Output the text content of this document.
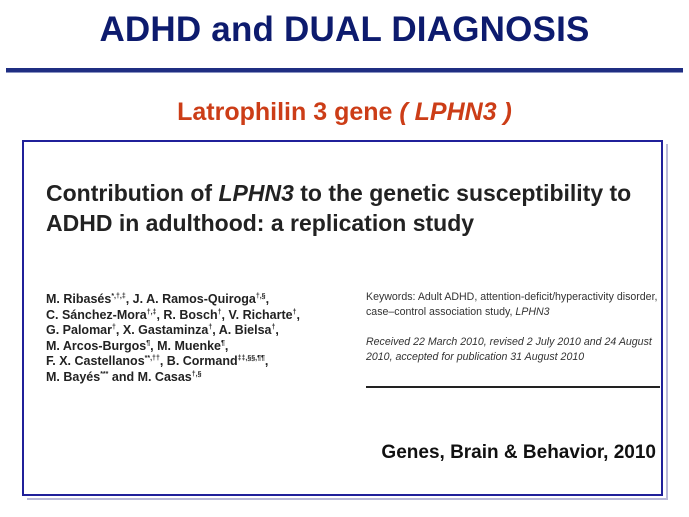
ADHD and DUAL DIAGNOSIS
Latrophilin 3 gene ( LPHN3 )
Contribution of LPHN3 to the genetic susceptibility to ADHD in adulthood: a replication study
M. Ribasés*,†,‡, J. A. Ramos-Quiroga†,§,
C. Sánchez-Mora†,‡, R. Bosch†, V. Richarte†,
G. Palomar†, X. Gastaminza†, A. Bielsa†,
M. Arcos-Burgos¶, M. Muenke¶,
F. X. Castellanos**,††, B. Cormand‡‡,§§,¶¶,
M. Bayés*** and M. Casas†,§
Keywords: Adult ADHD, attention-deficit/hyperactivity disorder, case–control association study, LPHN3
Received 22 March 2010, revised 2 July 2010 and 24 August 2010, accepted for publication 31 August 2010
Genes, Brain & Behavior, 2010
